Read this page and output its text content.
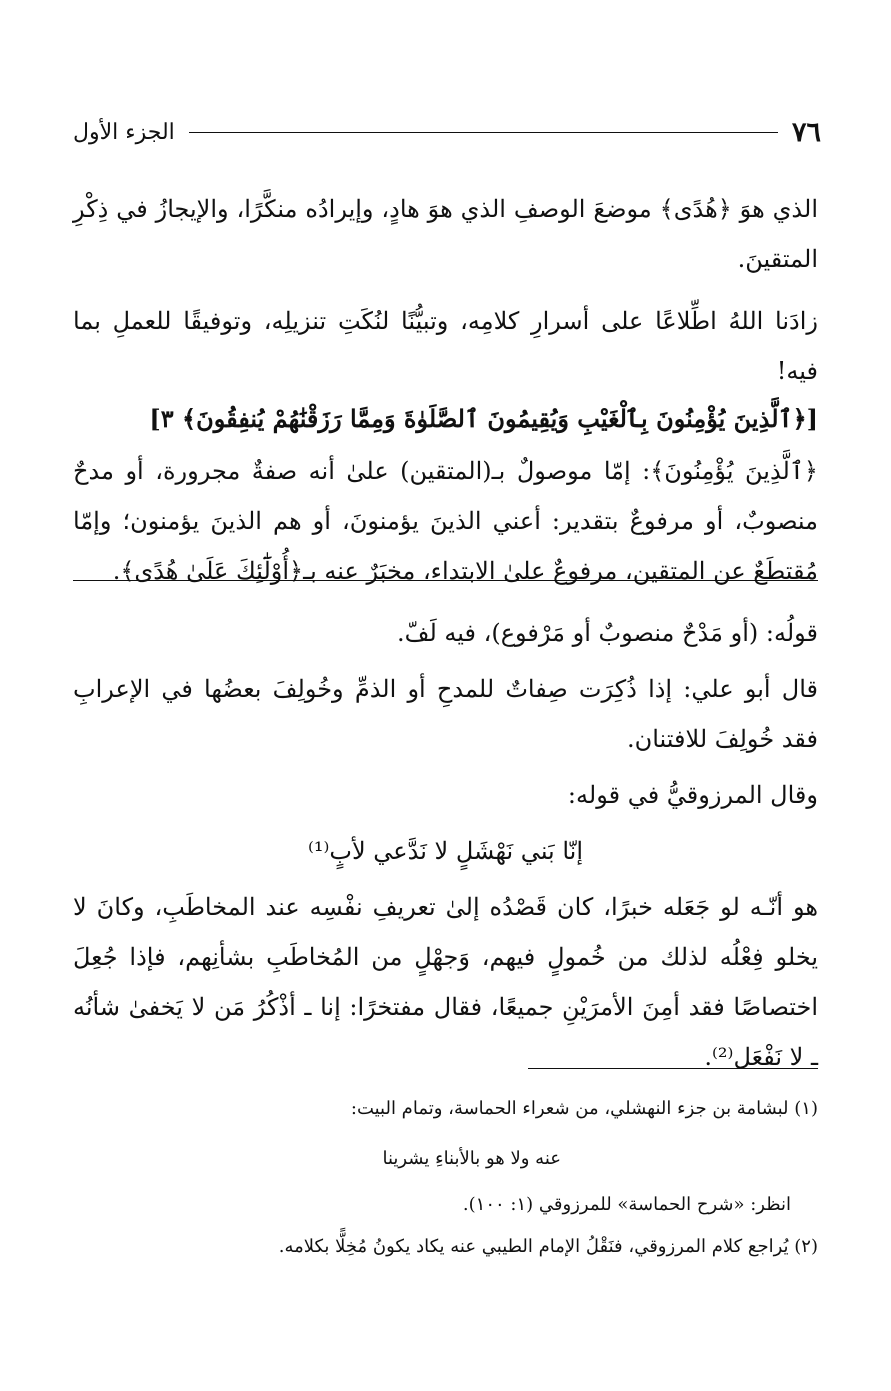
٧٦
الجزء الأول

الذي هوَ ﴿هُدًى﴾ موضعَ الوصفِ الذي هوَ هادٍ، وإيرادُه منكَّرًا، والإيجازُ في ذِكْرِ المتقينَ.

زادَنا اللهُ اطِّلاعًا على أسرارِ كلامِه، وتبيُّنًا لنُكَتِ تنزيلِه، وتوفيقًا للعملِ بما فيه!

[﴿ٱلَّذِينَ يُؤْمِنُونَ بِٱلْغَيْبِ وَيُقِيمُونَ ٱلصَّلَوٰةَ وَمِمَّا رَزَقْنَٰهُمْ يُنفِقُونَ﴾ ٣]

﴿ٱلَّذِينَ يُؤْمِنُونَ﴾: إمّا موصولٌ بـ(المتقين) علىٰ أنه صفةٌ مجرورة، أو مدحٌ منصوبٌ، أو مرفوعٌ بتقدير: أعني الذينَ يؤمنونَ، أو هم الذينَ يؤمنون؛ وإمّا مُقتطَعٌ عن المتقين، مرفوعٌ علىٰ الابتداء، مخبَرٌ عنه بـ﴿أُوْلَٰٓئِكَ عَلَىٰ هُدًى﴾.

قولُه: (أو مَدْحٌ منصوبٌ أو مَرْفوع)، فيه لَفّ.

قال أبو علي: إذا ذُكِرَت صِفاتٌ للمدحِ أو الذمِّ وخُولِفَ بعضُها في الإعرابِ فقد خُولِفَ للافتنان.

وقال المرزوقيُّ في قوله:

إنّا بَني نَهْشَلٍ لا نَدَّعي لأبٍ⁽¹⁾

هو أنّـه لو جَعَله خبرًا، كان قَصْدُه إلىٰ تعريفِ نفْسِه عند المخاطَبِ، وكانَ لا يخلو فِعْلُه لذلك من خُمولٍ فيهم، وَجهْلٍ من المُخاطَبِ بشأنِهم، فإذا جُعِلَ اختصاصًا فقد أمِنَ الأمرَيْنِ جميعًا، فقال مفتخرًا: إنا ـ أذْكُرُ مَن لا يَخفىٰ شأنُه ـ لا نَفْعَل⁽²⁾.

(١) لبشامة بن جزء النهشلي، من شعراء الحماسة، وتمام البيت:
عنه ولا هو بالأبناءِ يشرينا
انظر: «شرح الحماسة» للمرزوقي (١: ١٠٠).
(٢) يُراجع كلام المرزوقي، فنَقْلُ الإمام الطيبي عنه يكاد يكونُ مُخِلًّا بكلامه.
